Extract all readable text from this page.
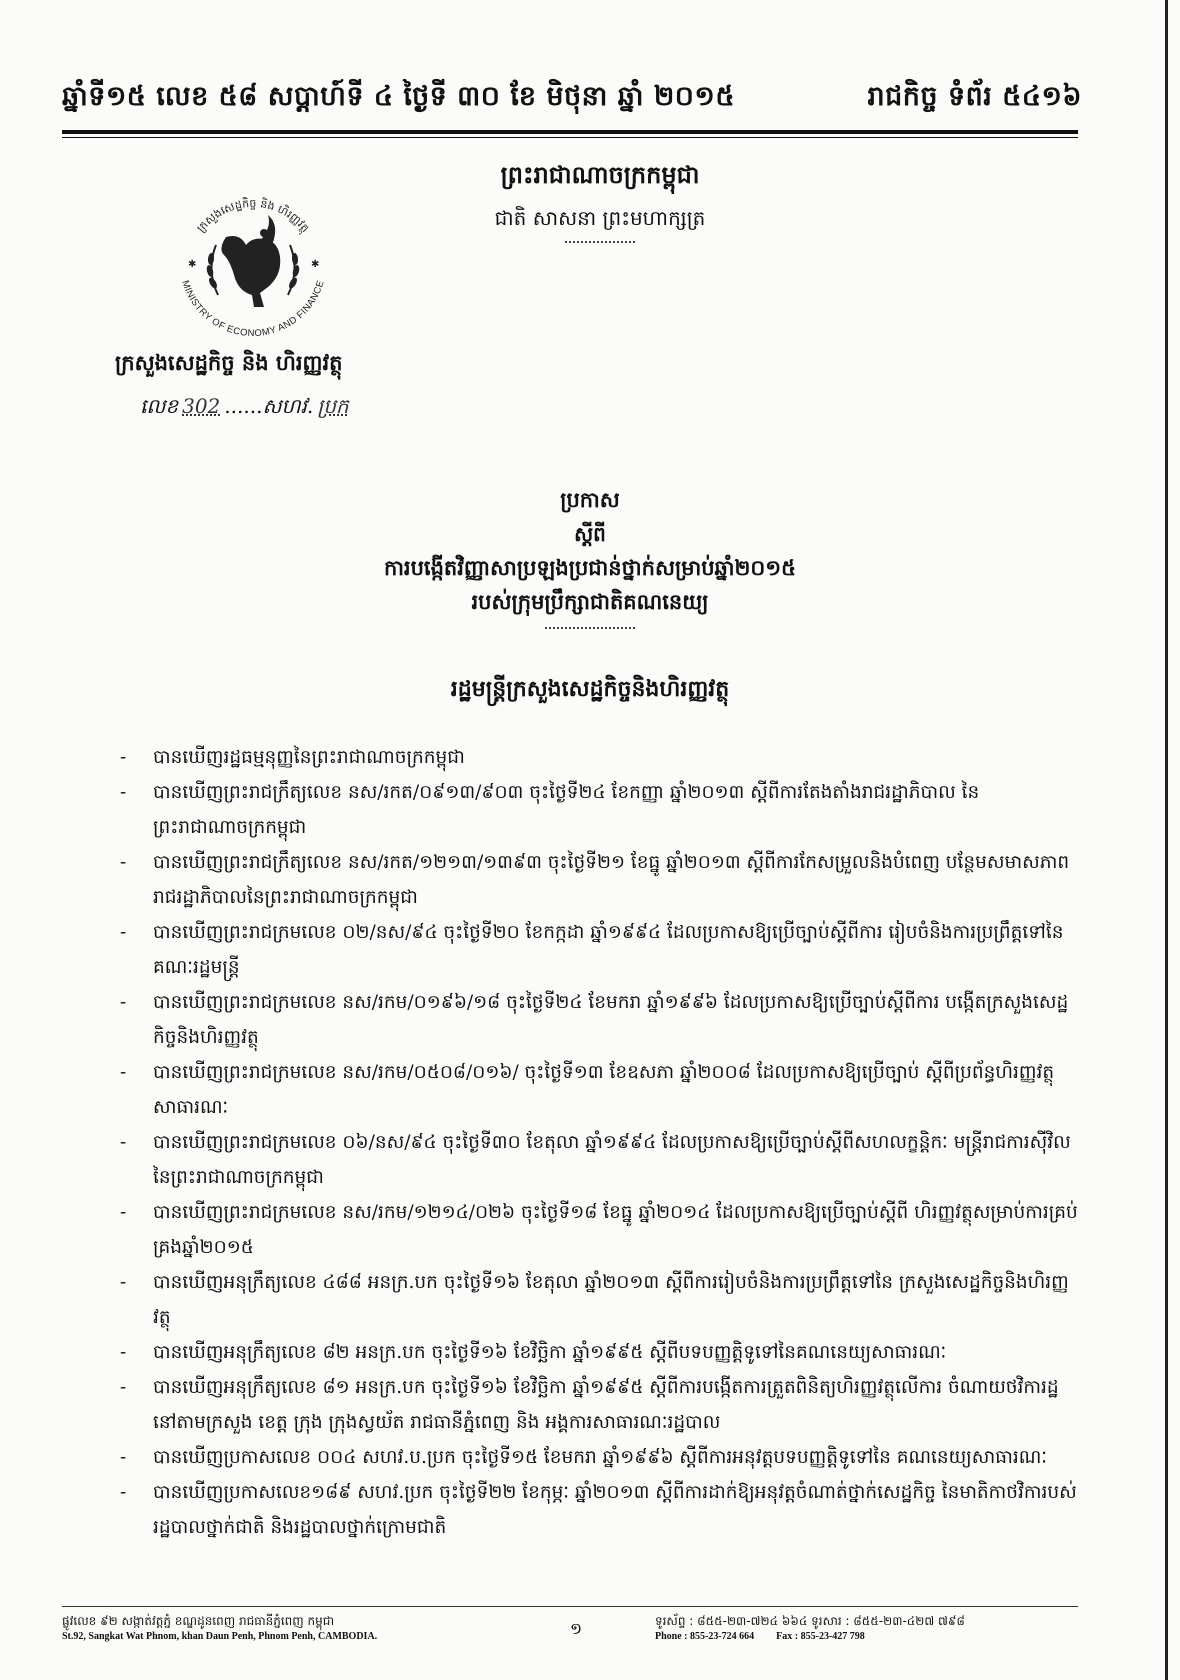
ឆ្នាំទី១៥ លេខ ៥៨ សប្តាហ៍ទី ៤ ថ្ងៃទី ៣០ ខែ មិថុនា ឆ្នាំ ២០១៥	រាជកិច្ច ទំព័រ ៥៤១៦
ព្រះរាជាណាចក្រកម្ពុជា
ជាតិ សាសនា ព្រះមហាក្សត្រ
ក្រសួងសេដ្ឋកិច្ច និង ហិរញ្ញវត្ថុ
MINISTRY OF ECONOMY AND FINANCE
✱	✱
ក្រសួងសេដ្ឋកិច្ច និង ហិរញ្ញវត្ថុ
លេខ 302 ......សហវ. ប្រក
ប្រកាស
ស្តីពី
ការបង្កើតវិញ្ញាសាប្រឡងប្រជាន់ថ្នាក់សម្រាប់ឆ្នាំ២០១៥
របស់ក្រុមប្រឹក្សាជាតិគណនេយ្យ
រដ្ឋមន្ត្រីក្រសួងសេដ្ឋកិច្ចនិងហិរញ្ញវត្ថុ
- បានឃើញរដ្ឋធម្មនុញ្ញនៃព្រះរាជាណាចក្រកម្ពុជា
- បានឃើញព្រះរាជក្រឹត្យលេខ នស/រកត/០៩១៣/៩០៣ ចុះថ្ងៃទី២៤ ខែកញ្ញា ឆ្នាំ២០១៣ ស្តីពីការតែងតាំងរាជរដ្ឋាភិបាល នៃព្រះរាជាណាចក្រកម្ពុជា
- បានឃើញព្រះរាជក្រឹត្យលេខ នស/រកត/១២១៣/១៣៩៣ ចុះថ្ងៃទី២១ ខែធ្នូ ឆ្នាំ២០១៣ ស្តីពីការកែសម្រួលនិងបំពេញ បន្ថែមសមាសភាពរាជរដ្ឋាភិបាលនៃព្រះរាជាណាចក្រកម្ពុជា
- បានឃើញព្រះរាជក្រមលេខ ០២/នស/៩៤ ចុះថ្ងៃទី២០ ខែកក្កដា ឆ្នាំ១៩៩៤ ដែលប្រកាសឱ្យប្រើច្បាប់ស្តីពីការ រៀបចំនិងការប្រព្រឹត្តទៅនៃគណៈរដ្ឋមន្ត្រី
- បានឃើញព្រះរាជក្រមលេខ នស/រកម/០១៩៦/១៨ ចុះថ្ងៃទី២៤ ខែមករា ឆ្នាំ១៩៩៦ ដែលប្រកាសឱ្យប្រើច្បាប់ស្តីពីការ បង្កើតក្រសួងសេដ្ឋកិច្ចនិងហិរញ្ញវត្ថុ
- បានឃើញព្រះរាជក្រមលេខ នស/រកម/០៥០៨/០១៦/ ចុះថ្ងៃទី១៣ ខែឧសភា ឆ្នាំ២០០៨ ដែលប្រកាសឱ្យប្រើច្បាប់ ស្តីពីប្រព័ន្ធហិរញ្ញវត្ថុសាធារណៈ
- បានឃើញព្រះរាជក្រមលេខ ០៦/នស/៩៤ ចុះថ្ងៃទី៣០ ខែតុលា ឆ្នាំ១៩៩៤ ដែលប្រកាសឱ្យប្រើច្បាប់ស្តីពីសហលក្ខន្តិកៈ មន្ត្រីរាជការស៊ីវិលនៃព្រះរាជាណាចក្រកម្ពុជា
- បានឃើញព្រះរាជក្រមលេខ នស/រកម/១២១៤/០២៦ ចុះថ្ងៃទី១៨ ខែធ្នូ ឆ្នាំ២០១៤ ដែលប្រកាសឱ្យប្រើច្បាប់ស្តីពី ហិរញ្ញវត្ថុសម្រាប់ការគ្រប់គ្រងឆ្នាំ២០១៥
- បានឃើញអនុក្រឹត្យលេខ ៤៨៨ អនក្រ.បក ចុះថ្ងៃទី១៦ ខែតុលា ឆ្នាំ២០១៣ ស្តីពីការរៀបចំនិងការប្រព្រឹត្តទៅនៃ ក្រសួងសេដ្ឋកិច្ចនិងហិរញ្ញវត្ថុ
- បានឃើញអនុក្រឹត្យលេខ ៨២ អនក្រ.បក ចុះថ្ងៃទី១៦ ខែវិច្ឆិកា ឆ្នាំ១៩៩៥ ស្តីពីបទបញ្ញត្តិទូទៅនៃគណនេយ្យសាធារណៈ
- បានឃើញអនុក្រឹត្យលេខ ៨១ អនក្រ.បក ចុះថ្ងៃទី១៦ ខែវិច្ឆិកា ឆ្នាំ១៩៩៥ ស្តីពីការបង្កើតការត្រួតពិនិត្យហិរញ្ញវត្ថុលើការ ចំណាយថវិការដ្ឋនៅតាមក្រសួង ខេត្ត ក្រុង ក្រុងស្វយ័ត រាជធានីភ្នំពេញ និង អង្គការសាធារណៈរដ្ឋបាល
- បានឃើញប្រកាសលេខ ០០៤ សហវ.ប.ប្រក ចុះថ្ងៃទី១៥ ខែមករា ឆ្នាំ១៩៩៦ ស្តីពីការអនុវត្តបទបញ្ញត្តិទូទៅនៃ គណនេយ្យសាធារណៈ
- បានឃើញប្រកាសលេខ១៨៩ សហវ.ប្រក ចុះថ្ងៃទី២២ ខែកុម្ភៈ ឆ្នាំ២០១៣ ស្តីពីការដាក់ឱ្យអនុវត្តចំណាត់ថ្នាក់សេដ្ឋកិច្ច នៃមាតិកាថវិការបស់រដ្ឋបាលថ្នាក់ជាតិ និងរដ្ឋបាលថ្នាក់ក្រោមជាតិ
ផ្លូវលេខ ៩២ សង្កាត់វត្តភ្នំ ខណ្ឌដូនពេញ រាជធានីភ្នំពេញ កម្ពុជា
St.92, Sangkat Wat Phnom, khan Daun Penh, Phnom Penh, CAMBODIA.	១	ទូរស័ព្ទ : ៨៥៥-២៣-៧២៤ ៦៦៤ ទូរសារ : ៨៥៥-២៣-៤២៧ ៧៩៨
Phone : 855-23-724 664 Fax : 855-23-427 798
